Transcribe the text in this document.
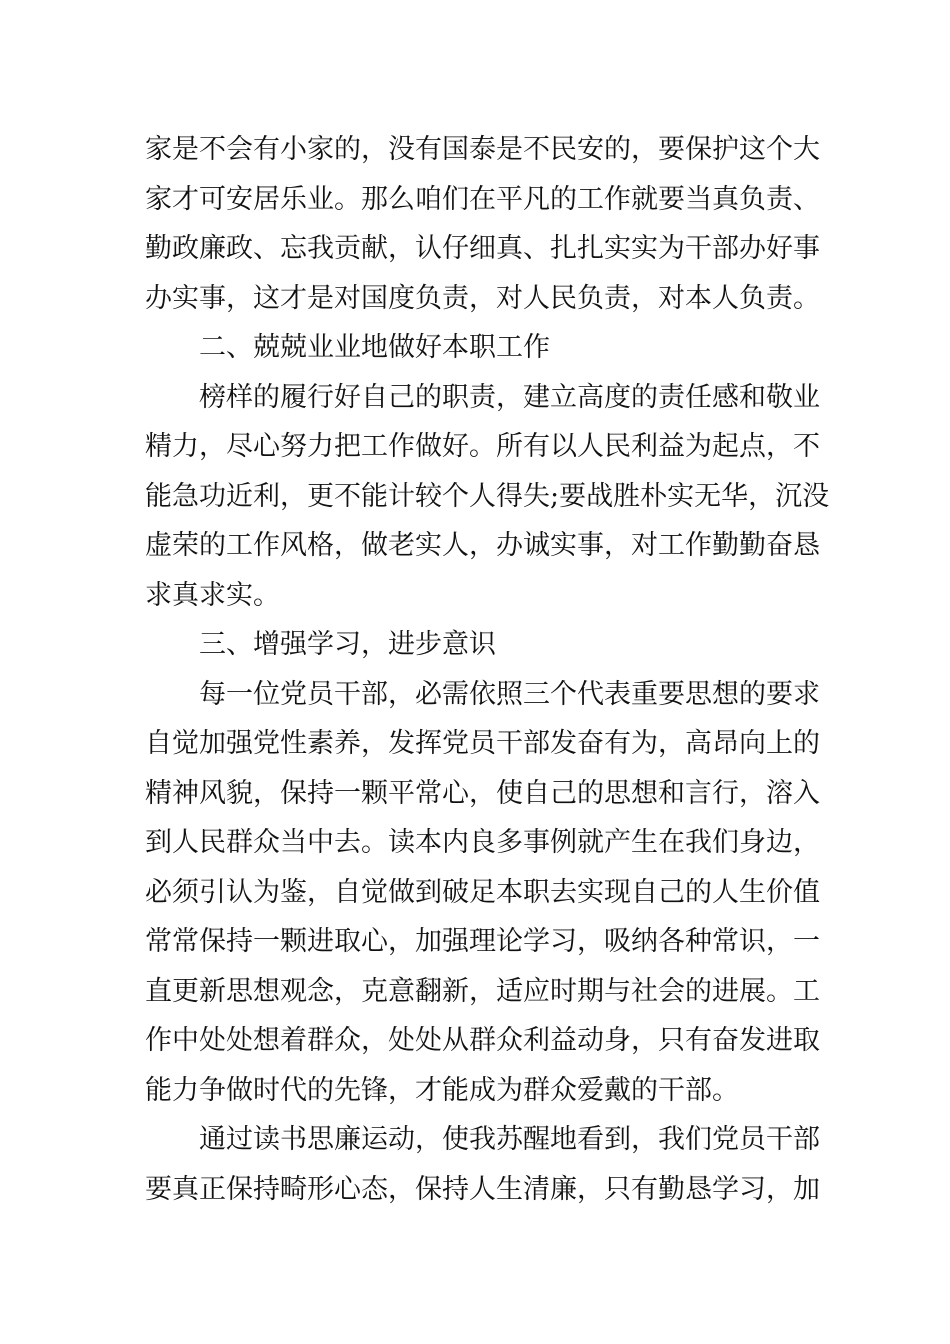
家是不会有小家的，没有国泰是不民安的，要保护这个大
家才可安居乐业。那么咱们在平凡的工作就要当真负责、
勤政廉政、忘我贡献，认仔细真、扎扎实实为干部办好事
办实事，这才是对国度负责，对人民负责，对本人负责。
二、兢兢业业地做好本职工作
榜样的履行好自己的职责，建立高度的责任感和敬业
精力，尽心努力把工作做好。所有以人民利益为起点，不
能急功近利，更不能计较个人得失;要战胜朴实无华，沉没
虚荣的工作风格，做老实人，办诚实事，对工作勤勤奋恳
求真求实。
三、增强学习，进步意识
每一位党员干部，必需依照三个代表重要思想的要求
自觉加强党性素养，发挥党员干部发奋有为，高昂向上的
精神风貌，保持一颗平常心，使自己的思想和言行，溶入
到人民群众当中去。读本内良多事例就产生在我们身边，
必须引认为鉴，自觉做到破足本职去实现自己的人生价值
常常保持一颗进取心，加强理论学习，吸纳各种常识，一
直更新思想观念，克意翻新，适应时期与社会的进展。工
作中处处想着群众，处处从群众利益动身，只有奋发进取
能力争做时代的先锋，才能成为群众爱戴的干部。
通过读书思廉运动，使我苏醒地看到，我们党员干部
要真正保持畸形心态，保持人生清廉，只有勤恳学习，加
